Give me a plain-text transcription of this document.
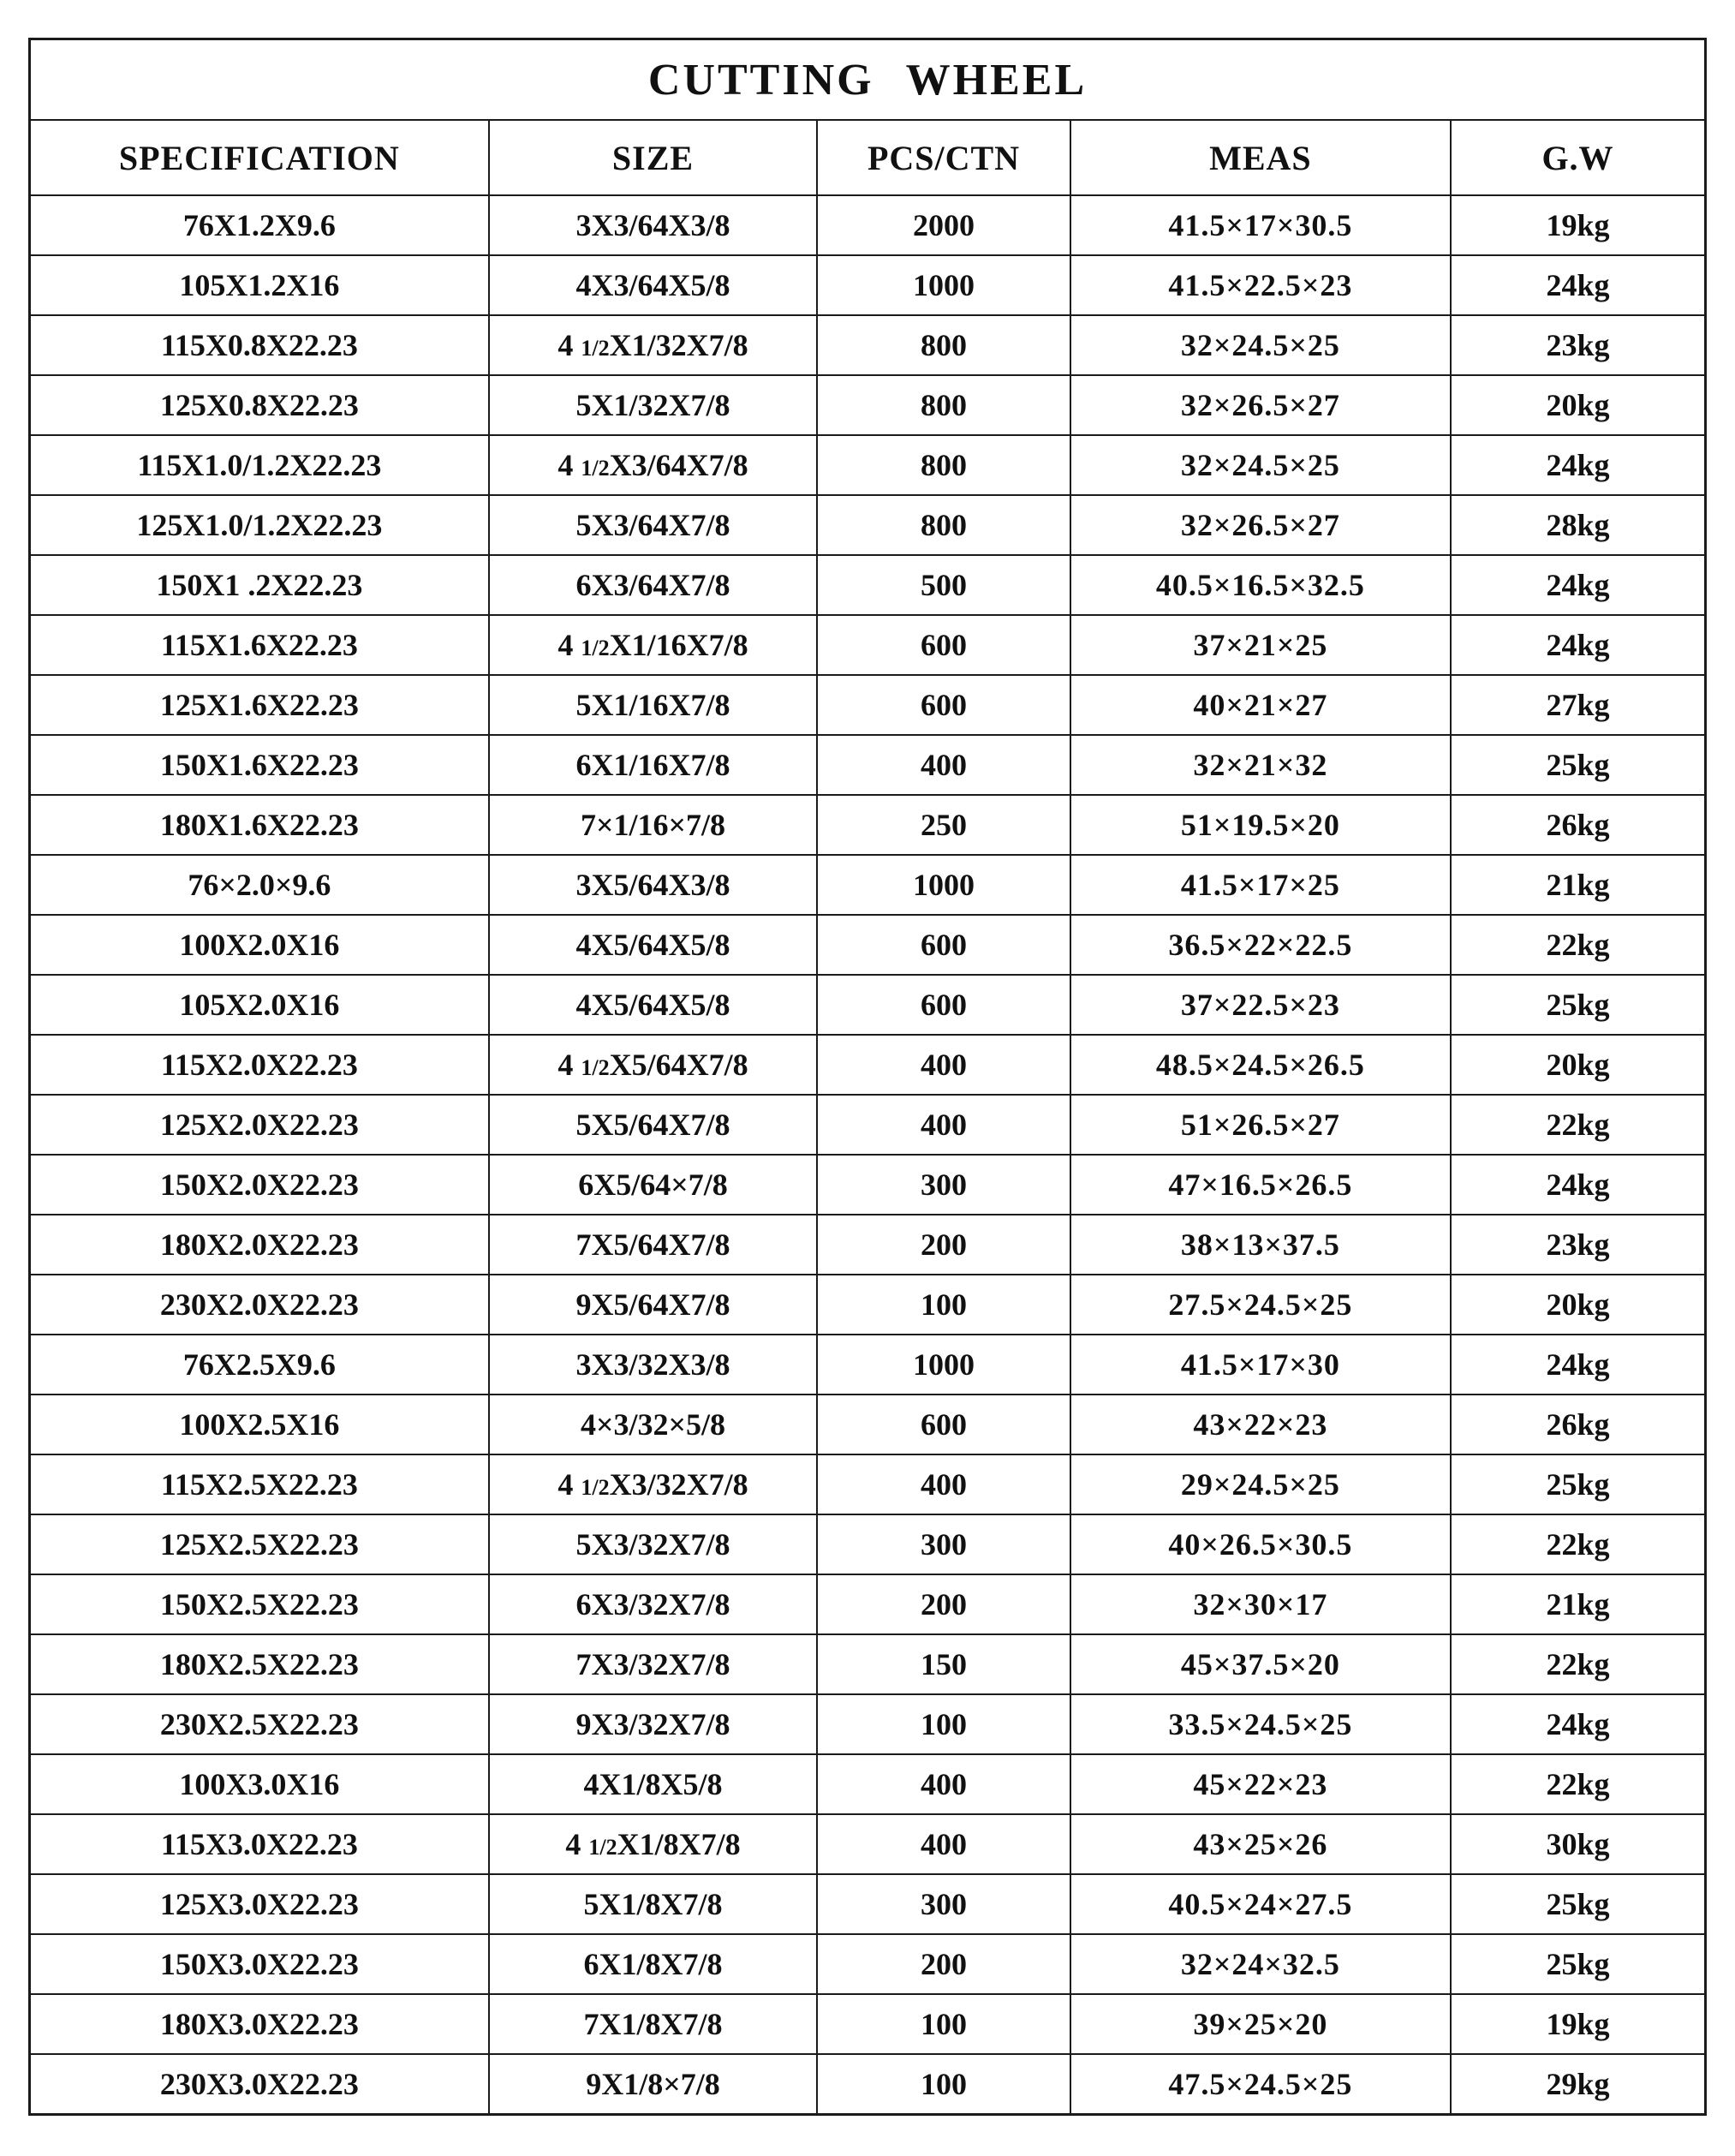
CUTTING WHEEL				
SPECIFICATION	SIZE	PCS/CTN	MEAS	G.W
76X1.2X9.6	3X3/64X3/8	2000	41.5×17×30.5	19kg
105X1.2X16	4X3/64X5/8	1000	41.5×22.5×23	24kg
115X0.8X22.23	4 1/2X1/32X7/8	800	32×24.5×25	23kg
125X0.8X22.23	5X1/32X7/8	800	32×26.5×27	20kg
115X1.0/1.2X22.23	4 1/2X3/64X7/8	800	32×24.5×25	24kg
125X1.0/1.2X22.23	5X3/64X7/8	800	32×26.5×27	28kg
150X1 .2X22.23	6X3/64X7/8	500	40.5×16.5×32.5	24kg
115X1.6X22.23	4 1/2X1/16X7/8	600	37×21×25	24kg
125X1.6X22.23	5X1/16X7/8	600	40×21×27	27kg
150X1.6X22.23	6X1/16X7/8	400	32×21×32	25kg
180X1.6X22.23	7×1/16×7/8	250	51×19.5×20	26kg
76×2.0×9.6	3X5/64X3/8	1000	41.5×17×25	21kg
100X2.0X16	4X5/64X5/8	600	36.5×22×22.5	22kg
105X2.0X16	4X5/64X5/8	600	37×22.5×23	25kg
115X2.0X22.23	4 1/2X5/64X7/8	400	48.5×24.5×26.5	20kg
125X2.0X22.23	5X5/64X7/8	400	51×26.5×27	22kg
150X2.0X22.23	6X5/64×7/8	300	47×16.5×26.5	24kg
180X2.0X22.23	7X5/64X7/8	200	38×13×37.5	23kg
230X2.0X22.23	9X5/64X7/8	100	27.5×24.5×25	20kg
76X2.5X9.6	3X3/32X3/8	1000	41.5×17×30	24kg
100X2.5X16	4×3/32×5/8	600	43×22×23	26kg
115X2.5X22.23	4 1/2X3/32X7/8	400	29×24.5×25	25kg
125X2.5X22.23	5X3/32X7/8	300	40×26.5×30.5	22kg
150X2.5X22.23	6X3/32X7/8	200	32×30×17	21kg
180X2.5X22.23	7X3/32X7/8	150	45×37.5×20	22kg
230X2.5X22.23	9X3/32X7/8	100	33.5×24.5×25	24kg
100X3.0X16	4X1/8X5/8	400	45×22×23	22kg
115X3.0X22.23	4 1/2X1/8X7/8	400	43×25×26	30kg
125X3.0X22.23	5X1/8X7/8	300	40.5×24×27.5	25kg
150X3.0X22.23	6X1/8X7/8	200	32×24×32.5	25kg
180X3.0X22.23	7X1/8X7/8	100	39×25×20	19kg
230X3.0X22.23	9X1/8×7/8	100	47.5×24.5×25	29kg
